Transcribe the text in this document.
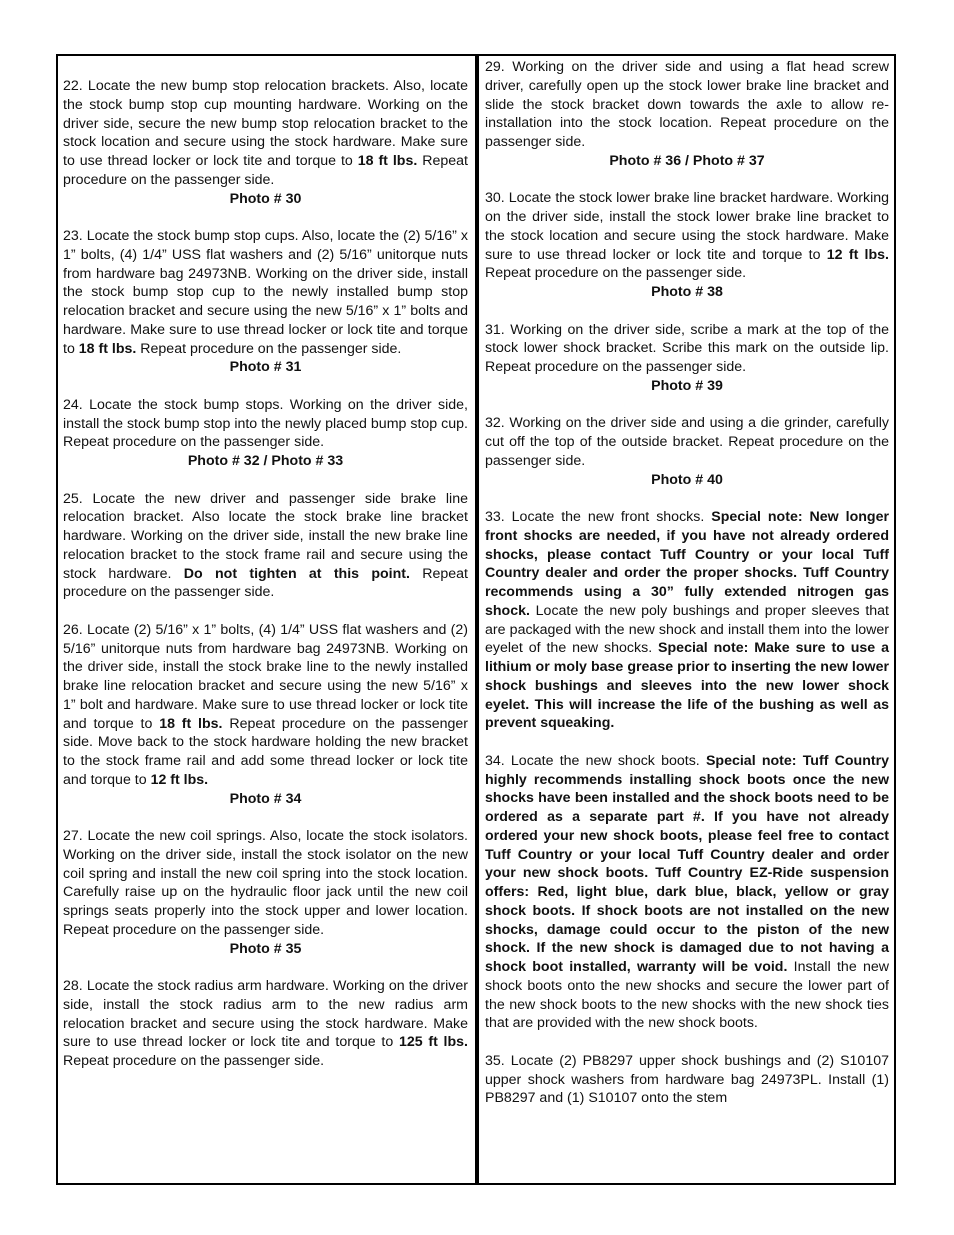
22. Locate the new bump stop relocation brackets. Also, locate the stock bump stop cup mounting hardware. Working on the driver side, secure the new bump stop relocation bracket to the stock location and secure using the stock hardware. Make sure to use thread locker or lock tite and torque to 18 ft lbs. Repeat procedure on the passenger side.

Photo # 30

23. Locate the stock bump stop cups. Also, locate the (2) 5/16” x 1” bolts, (4) 1/4” USS flat washers and (2) 5/16” unitorque nuts from hardware bag 24973NB. Working on the driver side, install the stock bump stop cup to the newly installed bump stop relocation bracket and secure using the new 5/16” x 1” bolts and hardware. Make sure to use thread locker or lock tite and torque to 18 ft lbs. Repeat procedure on the passenger side.

Photo # 31

24. Locate the stock bump stops. Working on the driver side, install the stock bump stop into the newly placed bump stop cup. Repeat procedure on the passenger side.

Photo # 32 / Photo # 33

25. Locate the new driver and passenger side brake line relocation bracket. Also locate the stock brake line bracket hardware. Working on the driver side, install the new brake line relocation bracket to the stock frame rail and secure using the stock hardware. Do not tighten at this point. Repeat procedure on the passenger side.

26. Locate (2) 5/16” x 1” bolts, (4) 1/4” USS flat washers and (2) 5/16” unitorque nuts from hardware bag 24973NB. Working on the driver side, install the stock brake line to the newly installed brake line relocation bracket and secure using the new 5/16” x 1” bolt and hardware. Make sure to use thread locker or lock tite and torque to 18 ft lbs. Repeat procedure on the passenger side. Move back to the stock hardware holding the new bracket to the stock frame rail and add some thread locker or lock tite and torque to 12 ft lbs.

Photo # 34

27. Locate the new coil springs. Also, locate the stock isolators. Working on the driver side, install the stock isolator on the new coil spring and install the new coil spring into the stock location. Carefully raise up on the hydraulic floor jack until the new coil springs seats properly into the stock upper and lower location. Repeat procedure on the passenger side.

Photo # 35

28. Locate the stock radius arm hardware. Working on the driver side, install the stock radius arm to the new radius arm relocation bracket and secure using the stock hardware. Make sure to use thread locker or lock tite and torque to 125 ft lbs. Repeat procedure on the passenger side.

29. Working on the driver side and using a flat head screw driver, carefully open up the stock lower brake line bracket and slide the stock bracket down towards the axle to allow re-installation into the stock location. Repeat procedure on the passenger side.

Photo # 36 / Photo # 37

30. Locate the stock lower brake line bracket hardware. Working on the driver side, install the stock lower brake line bracket to the stock location and secure using the stock hardware. Make sure to use thread locker or lock tite and torque to 12 ft lbs. Repeat procedure on the passenger side.

Photo # 38

31. Working on the driver side, scribe a mark at the top of the stock lower shock bracket. Scribe this mark on the outside lip. Repeat procedure on the passenger side.

Photo # 39

32. Working on the driver side and using a die grinder, carefully cut off the top of the outside bracket. Repeat procedure on the passenger side.

Photo # 40

33. Locate the new front shocks. Special note: New longer front shocks are needed, if you have not already ordered shocks, please contact Tuff Country or your local Tuff Country dealer and order the proper shocks. Tuff Country recommends using a 30” fully extended nitrogen gas shock. Locate the new poly bushings and proper sleeves that are packaged with the new shock and install them into the lower eyelet of the new shocks. Special note: Make sure to use a lithium or moly base grease prior to inserting the new lower shock bushings and sleeves into the new lower shock eyelet. This will increase the life of the bushing as well as prevent squeaking.

34. Locate the new shock boots. Special note: Tuff Country highly recommends installing shock boots once the new shocks have been installed and the shock boots need to be ordered as a separate part #. If you have not already ordered your new shock boots, please feel free to contact Tuff Country or your local Tuff Country dealer and order your new shock boots. Tuff Country EZ-Ride suspension offers: Red, light blue, dark blue, black, yellow or gray shock boots. If shock boots are not installed on the new shocks, damage could occur to the piston of the new shock. If the new shock is damaged due to not having a shock boot installed, warranty will be void. Install the new shock boots onto the new shocks and secure the lower part of the new shock boots to the new shocks with the new shock ties that are provided with the new shock boots.

35. Locate (2) PB8297 upper shock bushings and (2) S10107 upper shock washers from hardware bag 24973PL. Install (1) PB8297 and (1) S10107 onto the stem
